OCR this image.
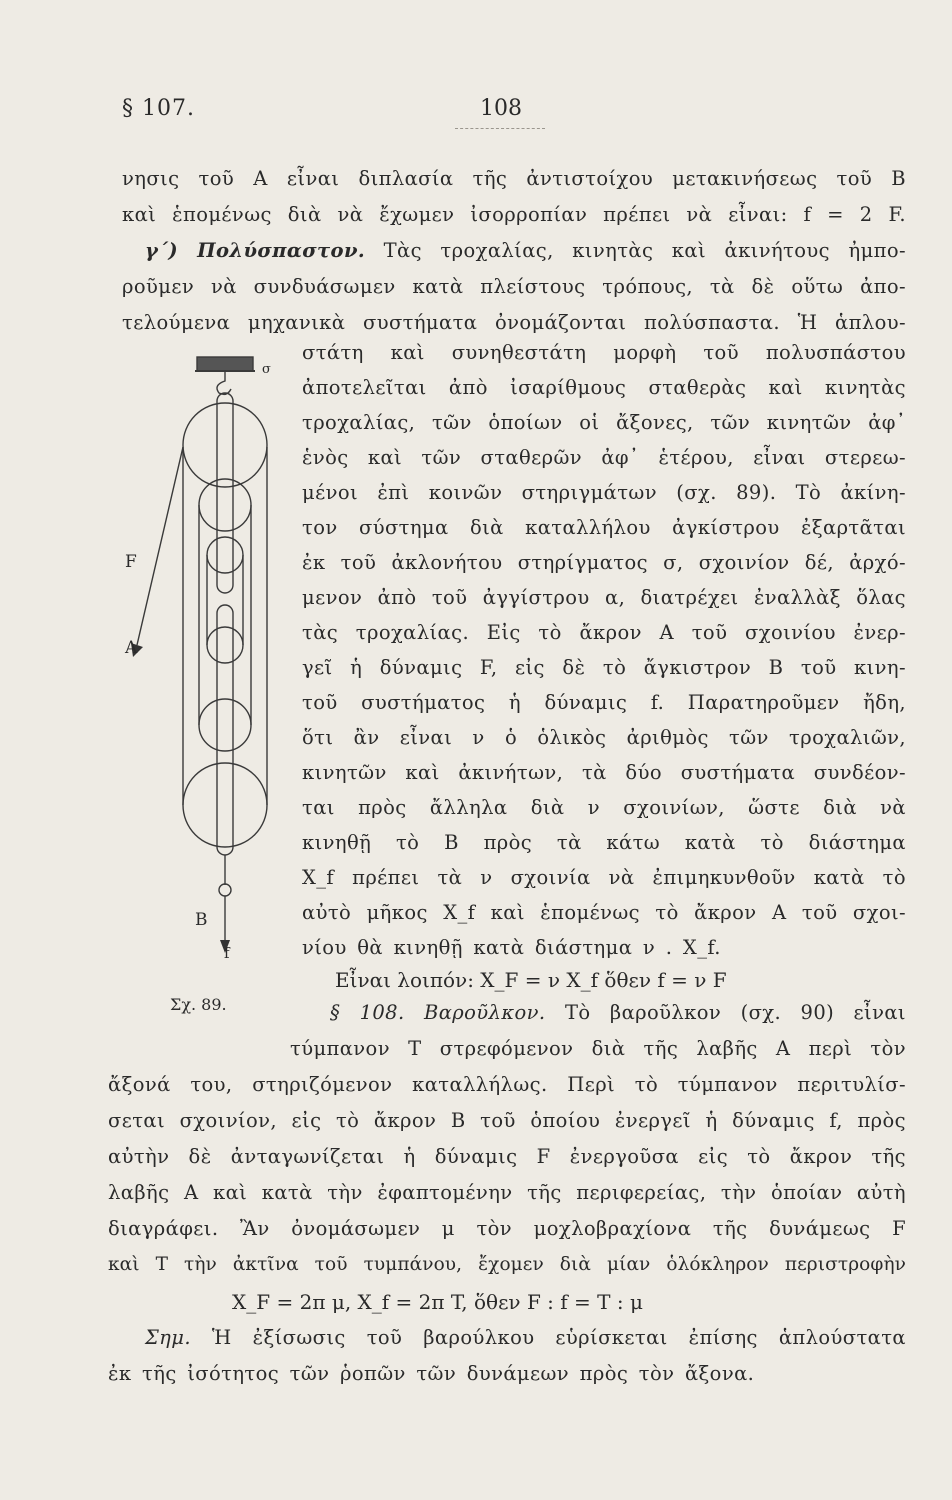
§ 107.	108
νησις τοῦ Α εἶναι διπλασία τῆς ἀντιστοίχου μετακινήσεως τοῦ Β
καὶ ἑπομένως διὰ νὰ ἔχωμεν ἰσορροπίαν πρέπει νὰ εἶναι: f = 2 F.
γ΄) Πολύσπαστον. Τὰς τροχαλίας, κινητὰς καὶ ἀκινήτους ἠμπο-
ροῦμεν νὰ συνδυάσωμεν κατὰ πλείστους τρόπους, τὰ δὲ οὕτω ἀπο-
τελούμενα μηχανικὰ συστήματα ὀνομάζονται πολύσπαστα. Ἡ ἁπλου-
στάτη καὶ συνηθεστάτη μορφὴ τοῦ πολυσπάστου
ἀποτελεῖται ἀπὸ ἰσαρίθμους σταθερὰς καὶ κινητὰς
τροχαλίας, τῶν ὁποίων οἱ ἄξονες, τῶν κινητῶν ἀφ᾽
ἑνὸς καὶ τῶν σταθερῶν ἀφ᾽ ἑτέρου, εἶναι στερεω-
μένοι ἐπὶ κοινῶν στηριγμάτων (σχ. 89). Τὸ ἀκίνη-
τον σύστημα διὰ καταλλήλου ἀγκίστρου ἐξαρτᾶται
ἐκ τοῦ ἀκλονήτου στηρίγματος σ, σχοινίον δέ, ἀρχό-
μενον ἀπὸ τοῦ ἀγγίστρου α, διατρέχει ἐναλλὰξ ὅλας
τὰς τροχαλίας. Εἰς τὸ ἄκρον Α τοῦ σχοινίου ἐνερ-
γεῖ ἡ δύναμις F, εἰς δὲ τὸ ἄγκιστρον Β τοῦ κινη-
τοῦ συστήματος ἡ δύναμις f. Παρατηροῦμεν ἤδη,
ὅτι ἂν εἶναι ν ὁ ὁλικὸς ἀριθμὸς τῶν τροχαλιῶν,
κινητῶν καὶ ἀκινήτων, τὰ δύο συστήματα συνδέον-
ται πρὸς ἄλληλα διὰ ν σχοινίων, ὥστε διὰ νὰ
κινηθῇ τὸ Β πρὸς τὰ κάτω κατὰ τὸ διάστημα
X_f πρέπει τὰ ν σχοινία νὰ ἐπιμηκυνθοῦν κατὰ τὸ
αὐτὸ μῆκος X_f καὶ ἑπομένως τὸ ἄκρον Α τοῦ σχοι-
νίου θὰ κινηθῇ κατὰ διάστημα ν . X_f.
Εἶναι λοιπόν: X_F = ν X_f ὅθεν f = ν F
§ 108. Βαροῦλκον. Τὸ βαροῦλκον (σχ. 90) εἶναι
τύμπανον Τ στρεφόμενον διὰ τῆς λαβῆς Α περὶ τὸν
ἄξονά του, στηριζόμενον καταλλήλως. Περὶ τὸ τύμπανον περιτυλίσ-
σεται σχοινίον, εἰς τὸ ἄκρον Β τοῦ ὁποίου ἐνεργεῖ ἡ δύναμις f, πρὸς
αὐτὴν δὲ ἀνταγωνίζεται ἡ δύναμις F ἐνεργοῦσα εἰς τὸ ἄκρον τῆς
λαβῆς Α καὶ κατὰ τὴν ἐφαπτομένην τῆς περιφερείας, τὴν ὁποίαν αὐτὴ
διαγράφει. Ἂν ὀνομάσωμεν μ τὸν μοχλοβραχίονα τῆς δυνάμεως F
καὶ Τ τὴν ἀκτῖνα τοῦ τυμπάνου, ἔχομεν διὰ μίαν ὁλόκληρον περιστροφὴν
X_F = 2π μ, X_f = 2π T, ὅθεν F : f = T : μ
Σημ. Ἡ ἐξίσωσις τοῦ βαρούλκου εὑρίσκεται ἐπίσης ἁπλούστατα
ἐκ τῆς ἰσότητος τῶν ῥοπῶν τῶν δυνάμεων πρὸς τὸν ἄξονα.
σ
F
A
B
f
Σχ. 89.
